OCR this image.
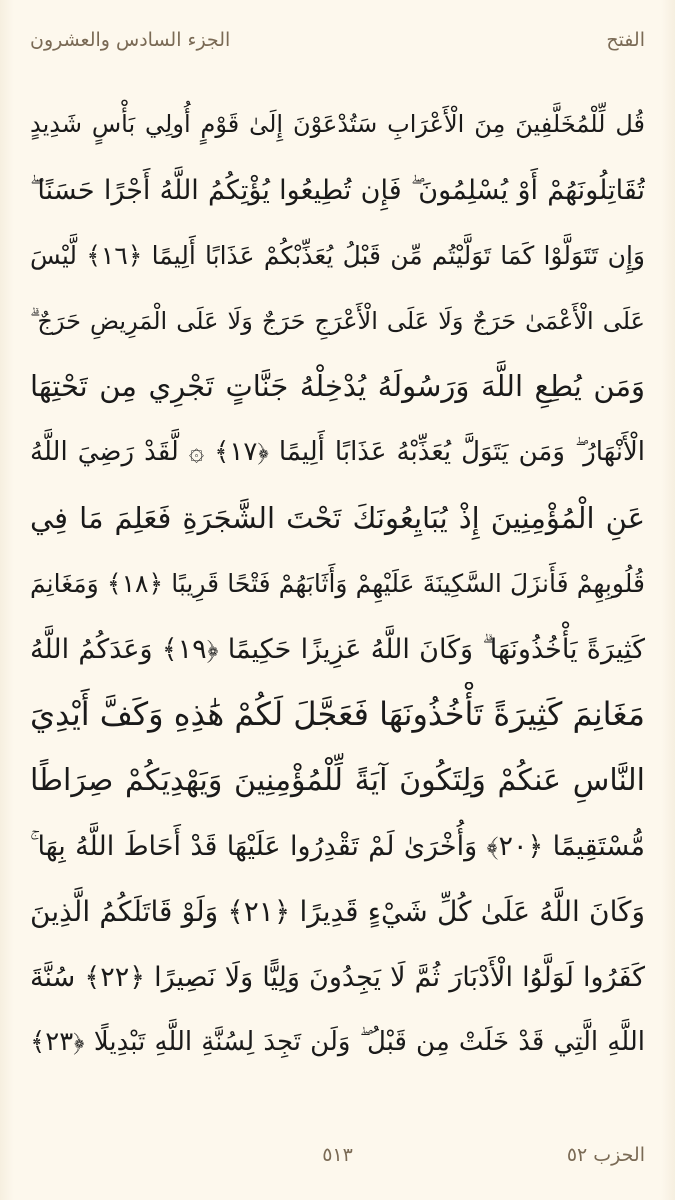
الجزء السادس والعشرون	الفتح
قُل لِّلْمُخَلَّفِينَ مِنَ الْأَعْرَابِ سَتُدْعَوْنَ إِلَىٰ قَوْمٍ أُولِي بَأْسٍ شَدِيدٍ
تُقَاتِلُونَهُمْ أَوْ يُسْلِمُونَ ۖ فَإِن تُطِيعُوا يُؤْتِكُمُ اللَّهُ أَجْرًا حَسَنًا ۖ
وَإِن تَتَوَلَّوْا كَمَا تَوَلَّيْتُم مِّن قَبْلُ يُعَذِّبْكُمْ عَذَابًا أَلِيمًا ﴿١٦﴾ لَّيْسَ
عَلَى الْأَعْمَىٰ حَرَجٌ وَلَا عَلَى الْأَعْرَجِ حَرَجٌ وَلَا عَلَى الْمَرِيضِ حَرَجٌ ۗ
وَمَن يُطِعِ اللَّهَ وَرَسُولَهُ يُدْخِلْهُ جَنَّاتٍ تَجْرِي مِن تَحْتِهَا
الْأَنْهَارُ ۖ وَمَن يَتَوَلَّ يُعَذِّبْهُ عَذَابًا أَلِيمًا ﴿١٧﴾ ۞ لَّقَدْ رَضِيَ اللَّهُ
عَنِ الْمُؤْمِنِينَ إِذْ يُبَايِعُونَكَ تَحْتَ الشَّجَرَةِ فَعَلِمَ مَا فِي
قُلُوبِهِمْ فَأَنزَلَ السَّكِينَةَ عَلَيْهِمْ وَأَثَابَهُمْ فَتْحًا قَرِيبًا ﴿١٨﴾ وَمَغَانِمَ
كَثِيرَةً يَأْخُذُونَهَا ۗ وَكَانَ اللَّهُ عَزِيزًا حَكِيمًا ﴿١٩﴾ وَعَدَكُمُ اللَّهُ
مَغَانِمَ كَثِيرَةً تَأْخُذُونَهَا فَعَجَّلَ لَكُمْ هَٰذِهِ وَكَفَّ أَيْدِيَ
النَّاسِ عَنكُمْ وَلِتَكُونَ آيَةً لِّلْمُؤْمِنِينَ وَيَهْدِيَكُمْ صِرَاطًا
مُّسْتَقِيمًا ﴿٢٠﴾ وَأُخْرَىٰ لَمْ تَقْدِرُوا عَلَيْهَا قَدْ أَحَاطَ اللَّهُ بِهَا ۚ
وَكَانَ اللَّهُ عَلَىٰ كُلِّ شَيْءٍ قَدِيرًا ﴿٢١﴾ وَلَوْ قَاتَلَكُمُ الَّذِينَ
كَفَرُوا لَوَلَّوُا الْأَدْبَارَ ثُمَّ لَا يَجِدُونَ وَلِيًّا وَلَا نَصِيرًا ﴿٢٢﴾ سُنَّةَ
اللَّهِ الَّتِي قَدْ خَلَتْ مِن قَبْلُ ۖ وَلَن تَجِدَ لِسُنَّةِ اللَّهِ تَبْدِيلًا ﴿٢٣﴾
الحزب ٥٢
٥١٣
